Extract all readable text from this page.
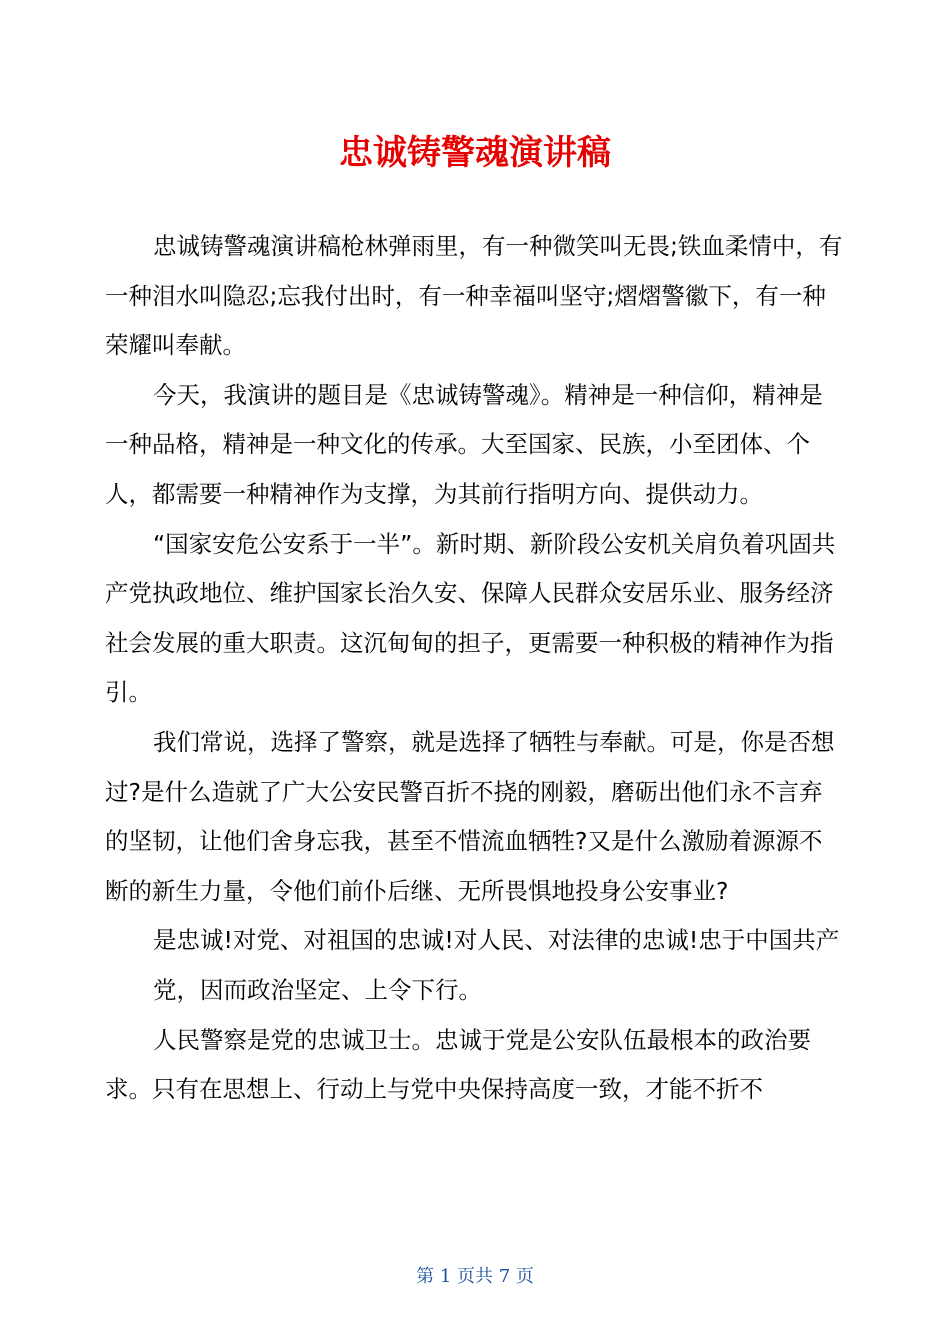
忠诚铸警魂演讲稿

忠诚铸警魂演讲稿枪林弹雨里，有一种微笑叫无畏;铁血柔情中，有一种泪水叫隐忍;忘我付出时，有一种幸福叫坚守;熠熠警徽下，有一种荣耀叫奉献。

今天，我演讲的题目是《忠诚铸警魂》。精神是一种信仰，精神是一种品格，精神是一种文化的传承。大至国家、民族，小至团体、个人，都需要一种精神作为支撑，为其前行指明方向、提供动力。

“国家安危公安系于一半”。新时期、新阶段公安机关肩负着巩固共产党执政地位、维护国家长治久安、保障人民群众安居乐业、服务经济社会发展的重大职责。这沉甸甸的担子，更需要一种积极的精神作为指引。

我们常说，选择了警察，就是选择了牺牲与奉献。可是，你是否想过?是什么造就了广大公安民警百折不挠的刚毅，磨砺出他们永不言弃的坚韧，让他们舍身忘我，甚至不惜流血牺牲?又是什么激励着源源不断的新生力量，令他们前仆后继、无所畏惧地投身公安事业?

是忠诚!对党、对祖国的忠诚!对人民、对法律的忠诚!忠于中国共产党，因而政治坚定、上令下行。

人民警察是党的忠诚卫士。忠诚于党是公安队伍最根本的政治要求。只有在思想上、行动上与党中央保持高度一致，才能不折不

第 1 页共 7 页
